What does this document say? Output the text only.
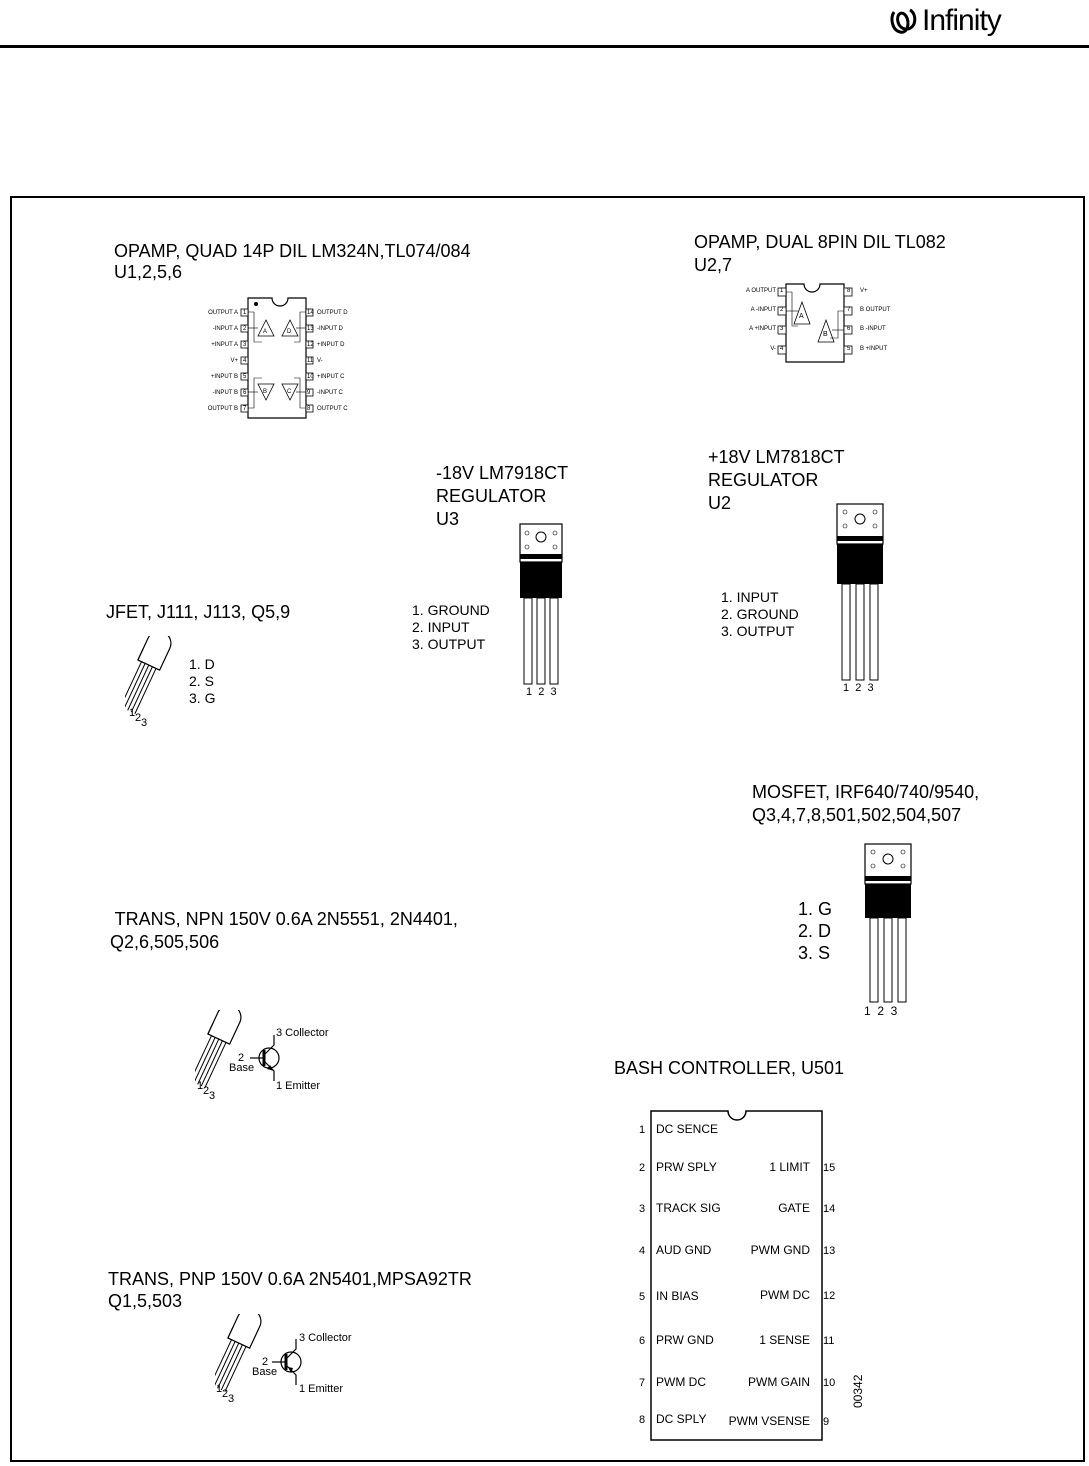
Infinity
OPAMP, QUAD 14P DIL LM324N,TL074/084
U1,2,5,6
A	D
B	C
OUTPUT A 1
-INPUT A 2
+INPUT A 3
V+ 4
+INPUT B 5
-INPUT B 6
OUTPUT B 7
14 OUTPUT D
13 -INPUT D
12 +INPUT D
11 V-
10 +INPUT C
9 -INPUT C
8 OUTPUT C
OPAMP, DUAL 8PIN DIL TL082
U2,7
A
B
A OUTPUT 1
A -INPUT 2
A +INPUT 3
V- 4
8 V+
7 B OUTPUT
6 B -INPUT
5 B +INPUT
-18V LM7918CT
REGULATOR
U3
1. GROUND
2. INPUT
3. OUTPUT
1  2  3
+18V LM7818CT
REGULATOR
U2
1. INPUT
2. GROUND
3. OUTPUT
1  2  3
JFET, J111, J113, Q5,9
1 2 3
1. D
2. S
3. G
MOSFET, IRF640/740/9540,
Q3,4,7,8,501,502,504,507
1. G
2. D
3. S
1  2  3
TRANS, NPN 150V 0.6A 2N5551, 2N4401,
Q2,6,505,506
3 Collector
2
Base
1 Emitter
1 2 3
TRANS, PNP 150V 0.6A 2N5401,MPSA92TR
Q1,5,503
3 Collector
2
Base
1 Emitter
1 2 3
BASH CONTROLLER, U501
1 DC SENCE
2 PRW SPLY
3 TRACK SIG
4 AUD GND
5 IN BIAS
6 PRW GND
7 PWM DC
8 DC SPLY
1 LIMIT 15
GATE 14
PWM GND 13
PWM DC 12
1 SENSE 11
PWM GAIN 10
PWM VSENSE 9
00342
